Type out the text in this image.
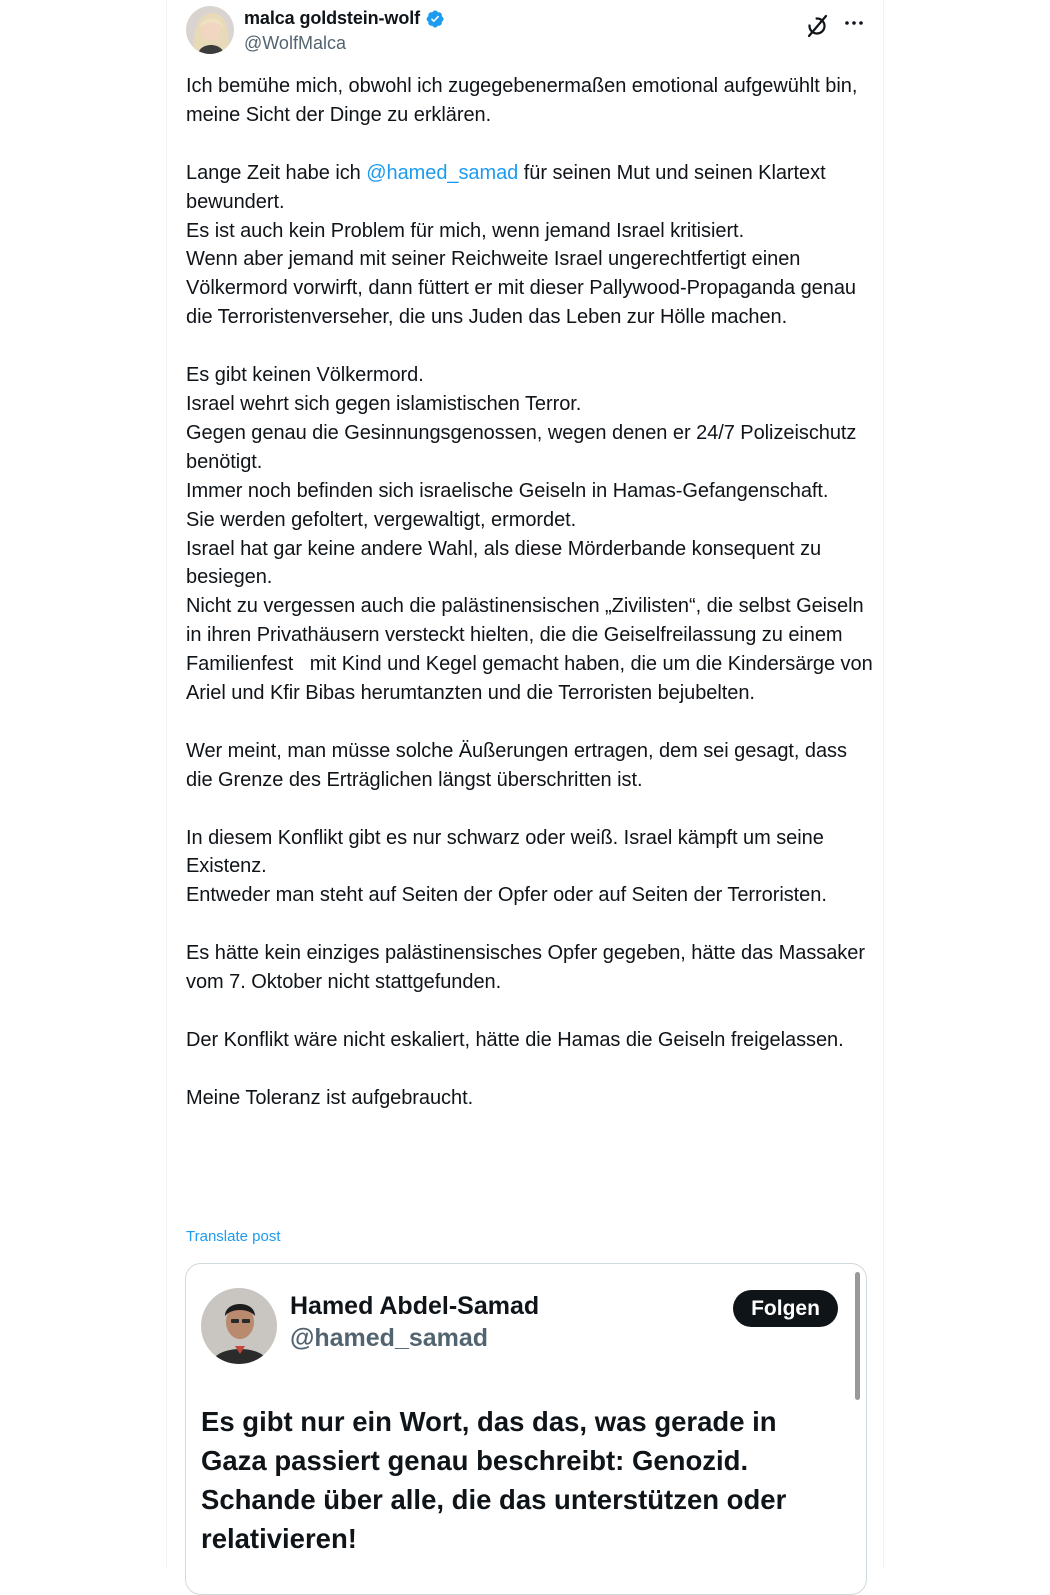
malca goldstein-wolf
@WolfMalca

Ich bemühe mich, obwohl ich zugegebenermaßen emotional aufgewühlt bin, meine Sicht der Dinge zu erklären.

Lange Zeit habe ich @hamed_samad für seinen Mut und seinen Klartext bewundert.
Es ist auch kein Problem für mich, wenn jemand Israel kritisiert.
Wenn aber jemand mit seiner Reichweite Israel ungerechtfertigt einen Völkermord vorwirft, dann füttert er mit dieser Pallywood-Propaganda genau die Terroristenverseher, die uns Juden das Leben zur Hölle machen.

Es gibt keinen Völkermord.
Israel wehrt sich gegen islamistischen Terror.
Gegen genau die Gesinnungsgenossen, wegen denen er 24/7 Polizeischutz benötigt.
Immer noch befinden sich israelische Geiseln in Hamas-Gefangenschaft.
Sie werden gefoltert, vergewaltigt, ermordet.
Israel hat gar keine andere Wahl, als diese Mörderbande konsequent zu besiegen.
Nicht zu vergessen auch die palästinensischen „Zivilisten“, die selbst Geiseln in ihren Privathäusern versteckt hielten, die die Geiselfreilassung zu einem Familienfest   mit Kind und Kegel gemacht haben, die um die Kindersärge von Ariel und Kfir Bibas herumtanzten und die Terroristen bejubelten.

Wer meint, man müsse solche Äußerungen ertragen, dem sei gesagt, dass die Grenze des Erträglichen längst überschritten ist.

In diesem Konflikt gibt es nur schwarz oder weiß. Israel kämpft um seine Existenz.
Entweder man steht auf Seiten der Opfer oder auf Seiten der Terroristen.

Es hätte kein einziges palästinensisches Opfer gegeben, hätte das Massaker vom 7. Oktober nicht stattgefunden.

Der Konflikt wäre nicht eskaliert, hätte die Hamas die Geiseln freigelassen.

Meine Toleranz ist aufgebraucht.

Translate post
Hamed Abdel-Samad
@hamed_samad
Folgen

Es gibt nur ein Wort, das das, was gerade in Gaza passiert genau beschreibt: Genozid. Schande über alle, die das unterstützen oder relativieren!
